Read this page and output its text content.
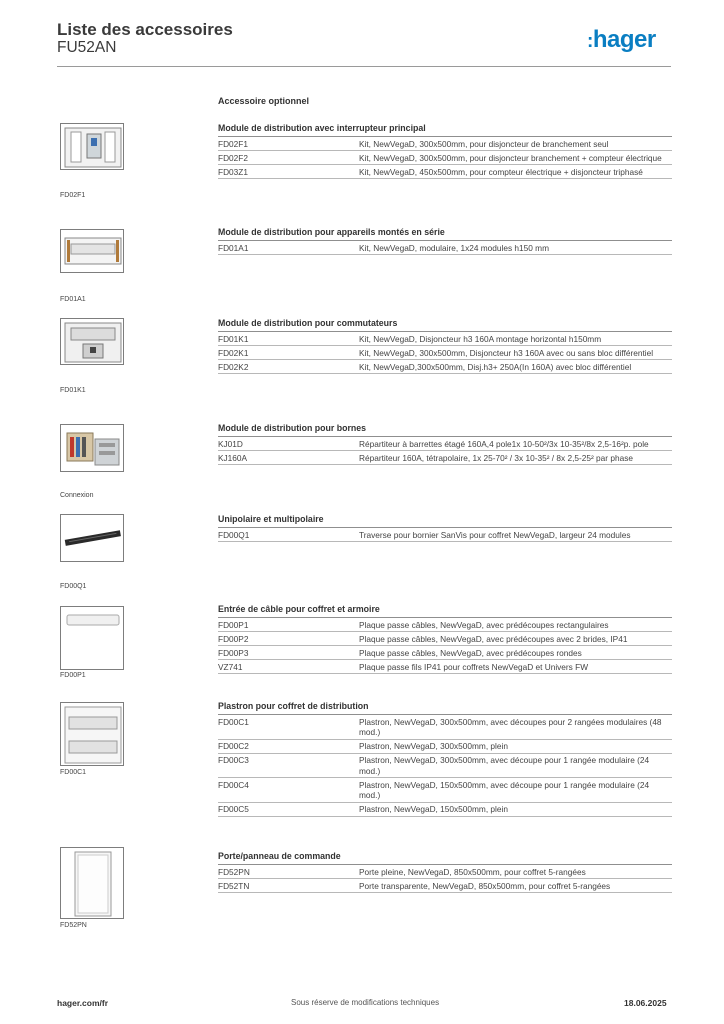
Liste des accessoires
FU52AN	:hager
Accessoire optionnel
FD02F1
Module de distribution avec interrupteur principal
FD02F1	Kit, NewVegaD, 300x500mm, pour disjoncteur de branchement seul
FD02F2	Kit, NewVegaD, 300x500mm, pour disjoncteur branchement + compteur électrique
FD03Z1	Kit, NewVegaD, 450x500mm, pour compteur électrique + disjoncteur triphasé
FD01A1
Module de distribution pour appareils montés en série
FD01A1	Kit, NewVegaD, modulaire, 1x24 modules h150 mm
FD01K1
Module de distribution pour commutateurs
FD01K1	Kit, NewVegaD, Disjoncteur h3 160A montage horizontal h150mm
FD02K1	Kit, NewVegaD, 300x500mm, Disjoncteur h3 160A avec ou sans bloc différentiel
FD02K2	Kit, NewVegaD,300x500mm, Disj.h3+ 250A(In 160A) avec bloc différentiel
Connexion
Module de distribution pour bornes
KJ01D	Répartiteur à barrettes étagé 160A,4 pole1x 10-50²/3x 10-35²/8x 2,5-16²p. pole
KJ160A	Répartiteur 160A, tétrapolaire, 1x 25-70² / 3x 10-35² / 8x 2,5-25² par phase
FD00Q1
Unipolaire et multipolaire
FD00Q1	Traverse pour bornier SanVis pour coffret NewVegaD, largeur 24 modules
FD00P1
Entrée de câble pour coffret et armoire
FD00P1	Plaque passe câbles, NewVegaD, avec prédécoupes rectangulaires
FD00P2	Plaque passe câbles, NewVegaD, avec prédécoupes avec 2 brides, IP41
FD00P3	Plaque passe câbles, NewVegaD, avec prédécoupes rondes
VZ741	Plaque passe fils IP41 pour coffrets NewVegaD et Univers FW
FD00C1
Plastron pour coffret de distribution
FD00C1	Plastron, NewVegaD, 300x500mm, avec découpes pour 2 rangées modulaires (48 mod.)
FD00C2	Plastron, NewVegaD, 300x500mm, plein
FD00C3	Plastron, NewVegaD, 300x500mm, avec découpe pour 1 rangée modulaire (24 mod.)
FD00C4	Plastron, NewVegaD, 150x500mm, avec découpe pour 1 rangée modulaire (24 mod.)
FD00C5	Plastron, NewVegaD, 150x500mm, plein
FD52PN
Porte/panneau de commande
FD52PN	Porte pleine, NewVegaD, 850x500mm, pour coffret 5-rangées
FD52TN	Porte transparente, NewVegaD, 850x500mm, pour coffret 5-rangées
hager.com/fr	Sous réserve de modifications techniques	18.06.2025
